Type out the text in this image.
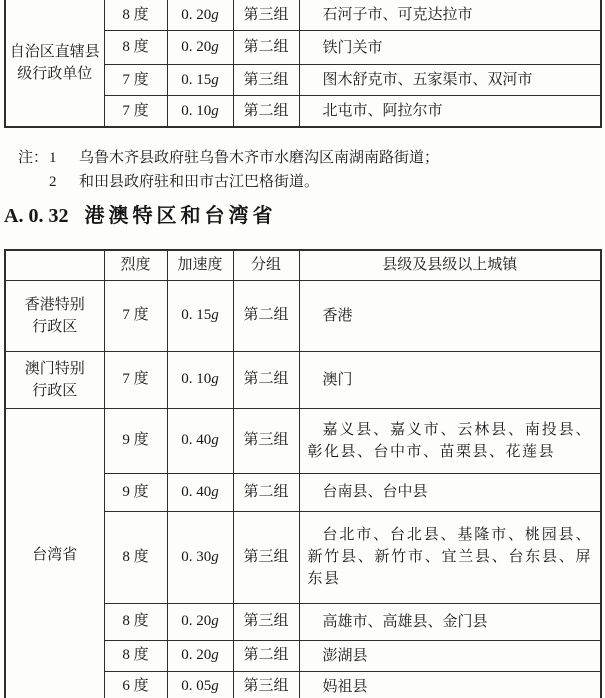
自治区直辖县
级行政单位	8 度	0. 20g	第三组	石河子市、可克达拉市

	8 度	0. 20g	第二组	铁门关市

	7 度	0. 15g	第三组	图木舒克市、五家渠市、双河市

	7 度	0. 10g	第二组	北屯市、阿拉尔市

注： 1	乌鲁木齐县政府驻乌鲁木齐市水磨沟区南湖南路街道；
2	和田县政府驻和田市古江巴格街道。
A. 0. 32 港澳特区和台湾省
	烈度	加速度	分组	县级及县级以上城镇

香港特别
行政区	7 度	0. 15g	第二组	香港

澳门特别
行政区	7 度	0. 10g	第二组	澳门

台湾省	9 度	0. 40g	第三组	嘉义县、嘉义市、云林县、南投县、彰化县、台中市、苗栗县、花莲县

	9 度	0. 40g	第二组	台南县、台中县

	8 度	0. 30g	第三组	台北市、台北县、基隆市、桃园县、新竹县、新竹市、宜兰县、台东县、屏东县

	8 度	0. 20g	第三组	高雄市、高雄县、金门县

	8 度	0. 20g	第二组	澎湖县

	6 度	0. 05g	第三组	妈祖县
